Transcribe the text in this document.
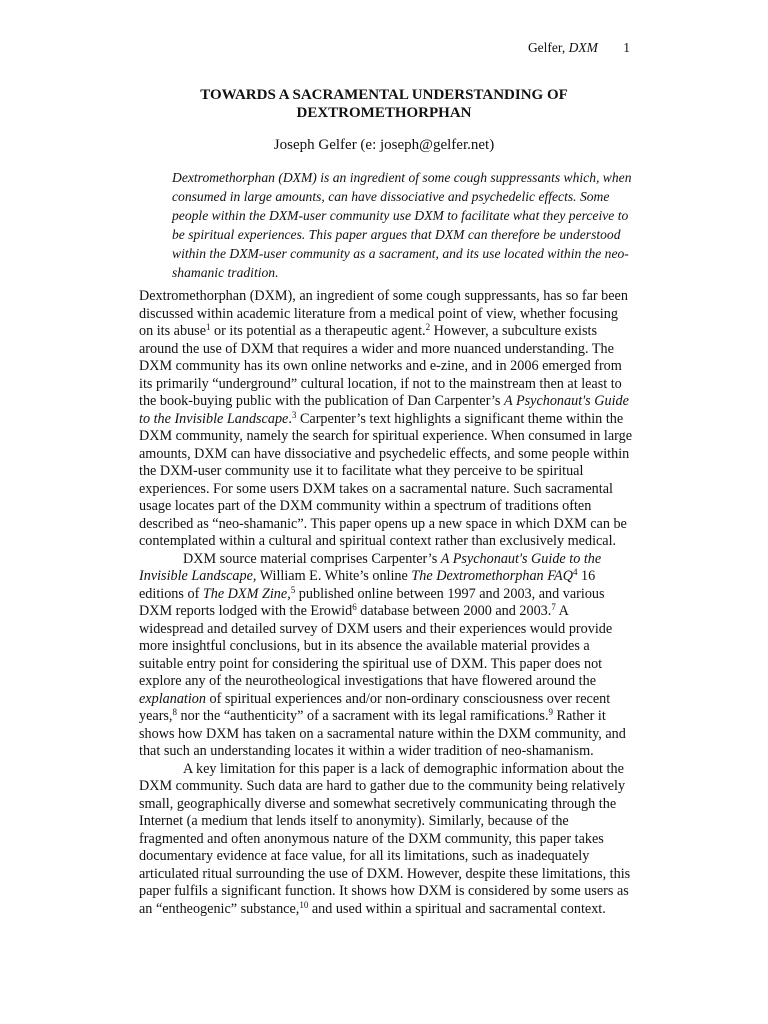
Gelfer, DXM 1
TOWARDS A SACRAMENTAL UNDERSTANDING OF
DEXTROMETHORPHAN
Joseph Gelfer (e: joseph@gelfer.net)

Dextromethorphan (DXM) is an ingredient of some cough suppressants which, when consumed in large amounts, can have dissociative and psychedelic effects. Some people within the DXM-user community use DXM to facilitate what they perceive to be spiritual experiences. This paper argues that DXM can therefore be understood within the DXM-user community as a sacrament, and its use located within the neo-shamanic tradition.

Dextromethorphan (DXM), an ingredient of some cough suppressants, has so far been discussed within academic literature from a medical point of view, whether focusing on its abuse$^1$ or its potential as a therapeutic agent.$^2$ However, a subculture exists around the use of DXM that requires a wider and more nuanced understanding. The DXM community has its own online networks and e-zine, and in 2006 emerged from its primarily “underground” cultural location, if not to the mainstream then at least to the book-buying public with the publication of Dan Carpenter’s A Psychonaut's Guide to the Invisible Landscape.$^3$ Carpenter’s text highlights a significant theme within the DXM community, namely the search for spiritual experience. When consumed in large amounts, DXM can have dissociative and psychedelic effects, and some people within the DXM-user community use it to facilitate what they perceive to be spiritual experiences. For some users DXM takes on a sacramental nature. Such sacramental usage locates part of the DXM community within a spectrum of traditions often described as “neo-shamanic”. This paper opens up a new space in which DXM can be contemplated within a cultural and spiritual context rather than exclusively medical.

DXM source material comprises Carpenter’s A Psychonaut's Guide to the Invisible Landscape, William E. White’s online The Dextromethorphan FAQ$^4$ 16 editions of The DXM Zine,$^5$ published online between 1997 and 2003, and various DXM reports lodged with the Erowid$^6$ database between 2000 and 2003.$^7$ A widespread and detailed survey of DXM users and their experiences would provide more insightful conclusions, but in its absence the available material provides a suitable entry point for considering the spiritual use of DXM. This paper does not explore any of the neurotheological investigations that have flowered around the explanation of spiritual experiences and/or non-ordinary consciousness over recent years,$^8$ nor the “authenticity” of a sacrament with its legal ramifications.$^9$ Rather it shows how DXM has taken on a sacramental nature within the DXM community, and that such an understanding locates it within a wider tradition of neo-shamanism.

A key limitation for this paper is a lack of demographic information about the DXM community. Such data are hard to gather due to the community being relatively small, geographically diverse and somewhat secretively communicating through the Internet (a medium that lends itself to anonymity). Similarly, because of the fragmented and often anonymous nature of the DXM community, this paper takes documentary evidence at face value, for all its limitations, such as inadequately articulated ritual surrounding the use of DXM. However, despite these limitations, this paper fulfils a significant function. It shows how DXM is considered by some users as an “entheogenic” substance,$^{10}$ and used within a spiritual and sacramental context.
